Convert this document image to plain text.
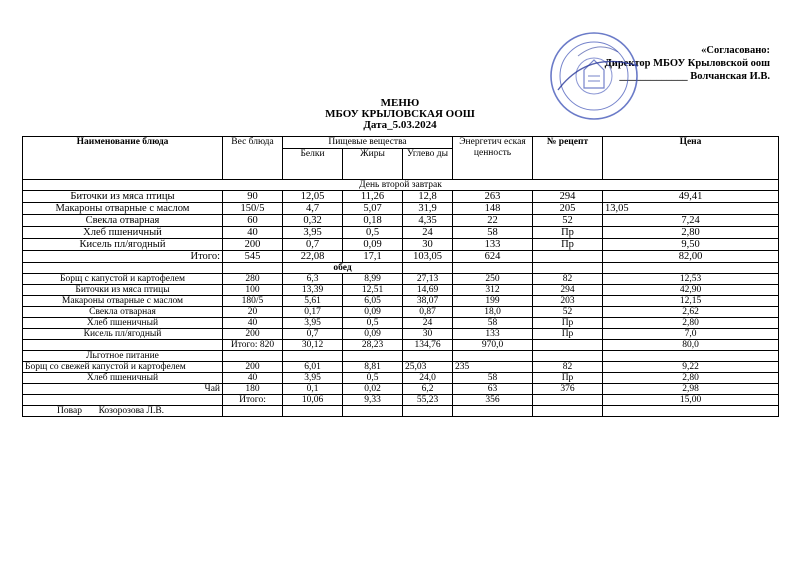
«Согласовано:
Директор МБОУ Крыловской оош
_____________ Волчанская И.В.
МЕНЮ
МБОУ КРЫЛОВСКАЯ ООШ
Дата_5.03.2024
Наименование блюда	Вес блюда	Пищевые вещества			Энергетич еская ценность	№ рецепт	Цена
		Белки	Жиры	Углево ды			
День второй завтрак							
Биточки из мяса птицы	90	12,05	11,26	12,8	263	294	49,41
Макароны отварные с маслом	150/5	4,7	5,07	31,9	148	205	13,05
Свекла отварная	60	0,32	0,18	4,35	22	52	7,24
Хлеб пшеничный	40	3,95	0,5	24	58	Пр	2,80
Кисель пл/ягодный	200	0,7	0,09	30	133	Пр	9,50
Итого:	545	22,08	17,1	103,05	624		82,00
		обед					
Борщ с капустой и картофелем	280	6,3	8,99	27,13	250	82	12,53
Биточки из мяса птицы	100	13,39	12,51	14,69	312	294	42,90
Макароны отварные с маслом	180/5	5,61	6,05	38,07	199	203	12,15
Свекла отварная	20	0,17	0,09	0,87	18,0	52	2,62
Хлеб пшеничный	40	3,95	0,5	24	58	Пр	2,80
Кисель пл/ягодный	200	0,7	0,09	30	133	Пр	7,0
	Итого: 820	30,12	28,23	134,76	970,0		80,0
Льготное питание							
Борщ со свежей капустой и картофелем	200	6,01	8,81	25,03	235	82	9,22
Хлеб пшеничный	40	3,95	0,5	24,0	58	Пр	2,80
Чай	180	0,1	0,02	6,2	63	376	2,98
	Итого:	10,06	9,33	55,23	356		15,00
Повар Козорозова Л.В.							
